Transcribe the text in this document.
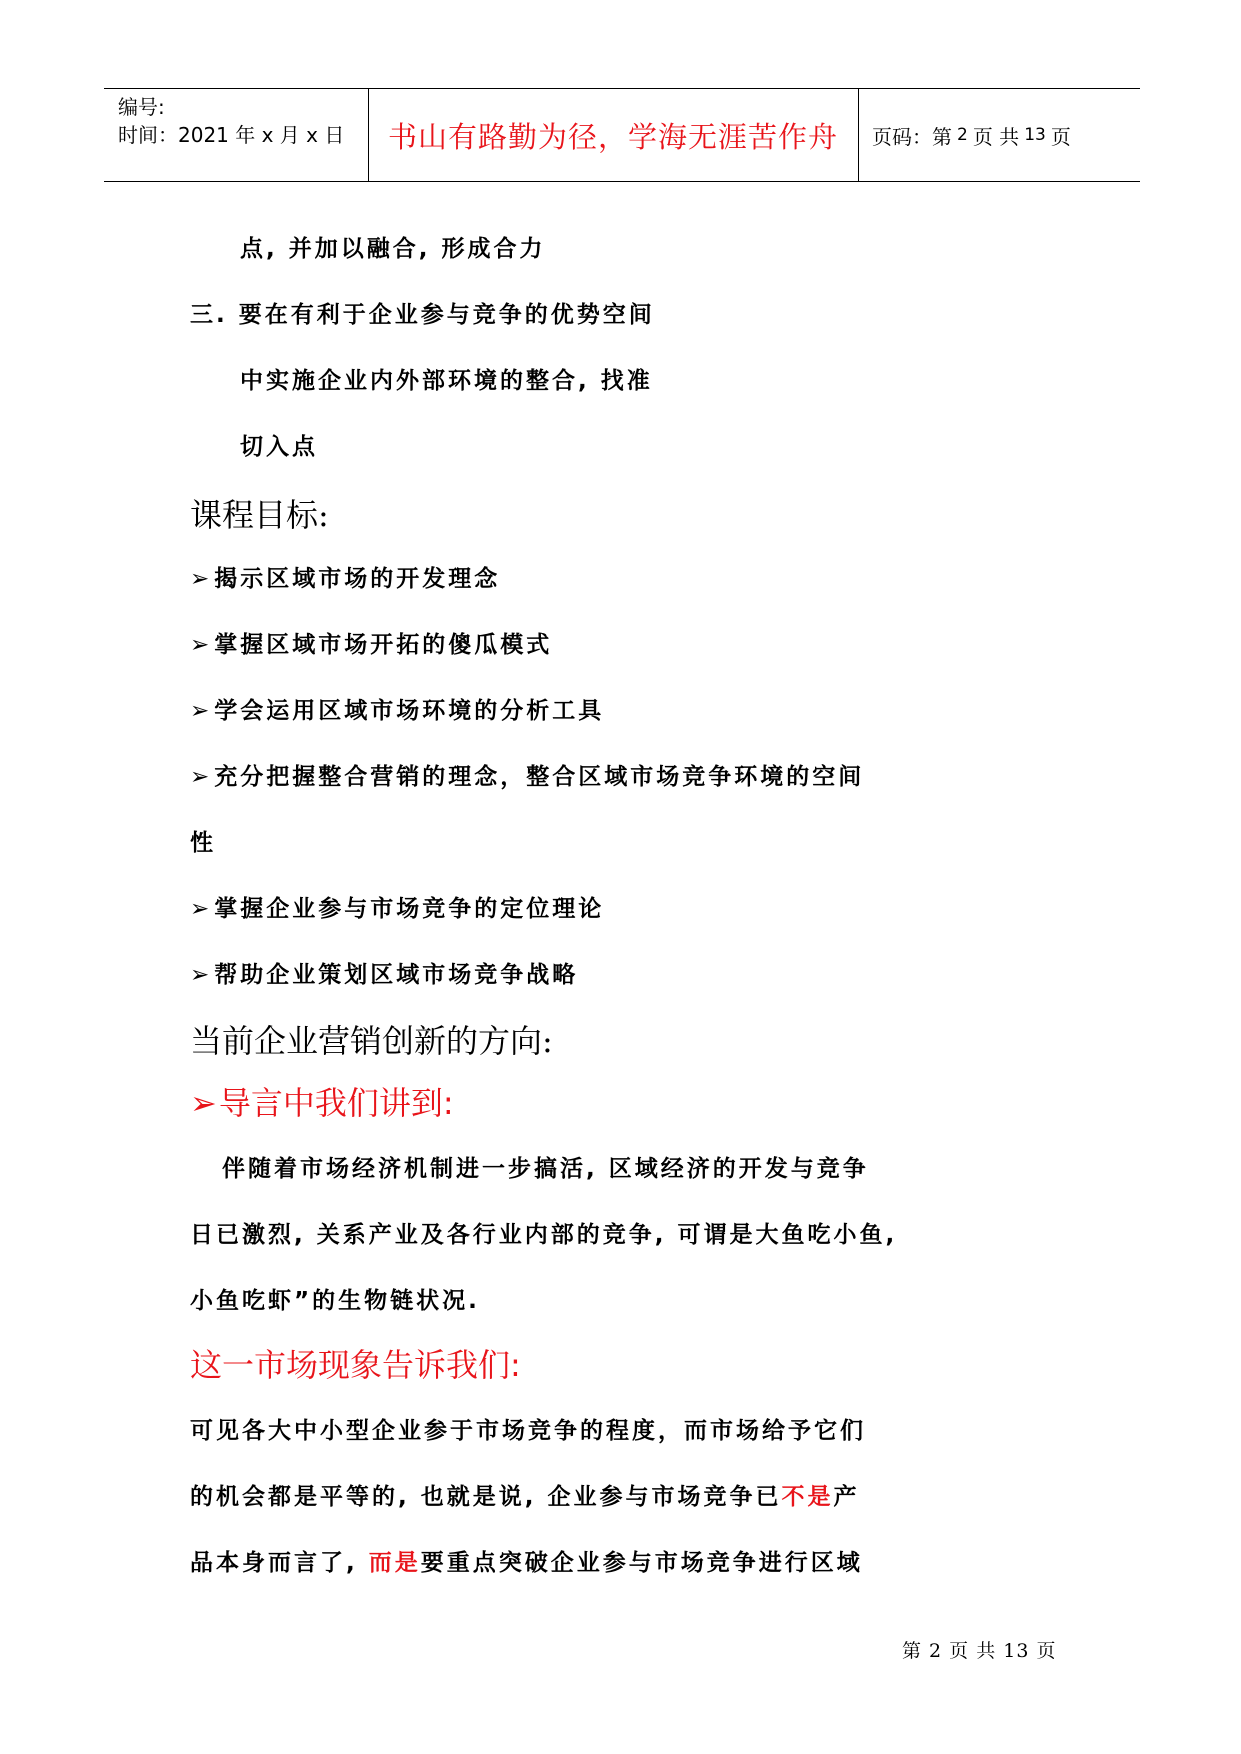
编号:
时间：2021 年 x 月 x 日	书山有路勤为径，学海无涯苦作舟	页码：第 2 页 共 13 页
点, 并加以融合, 形成合力
三. 要在有利于企业参与竞争的优势空间
中实施企业内外部环境的整合, 找准
切入点
课程目标:
➢揭示区域市场的开发理念
➢掌握区域市场开拓的傻瓜模式
➢学会运用区域市场环境的分析工具
➢充分把握整合营销的理念，整合区域市场竞争环境的空间
性
➢掌握企业参与市场竞争的定位理论
➢帮助企业策划区域市场竞争战略
当前企业营销创新的方向:
➢导言中我们讲到:
伴随着市场经济机制进一步搞活, 区域经济的开发与竞争
日已激烈, 关系产业及各行业内部的竞争, 可谓是大鱼吃小鱼,
小鱼吃虾”的生物链状况.
这一市场现象告诉我们:
可见各大中小型企业参于市场竞争的程度，而市场给予它们
的机会都是平等的, 也就是说, 企业参与市场竞争已不是产
品本身而言了, 而是要重点突破企业参与市场竞争进行区域
第 2 页 共 13 页
